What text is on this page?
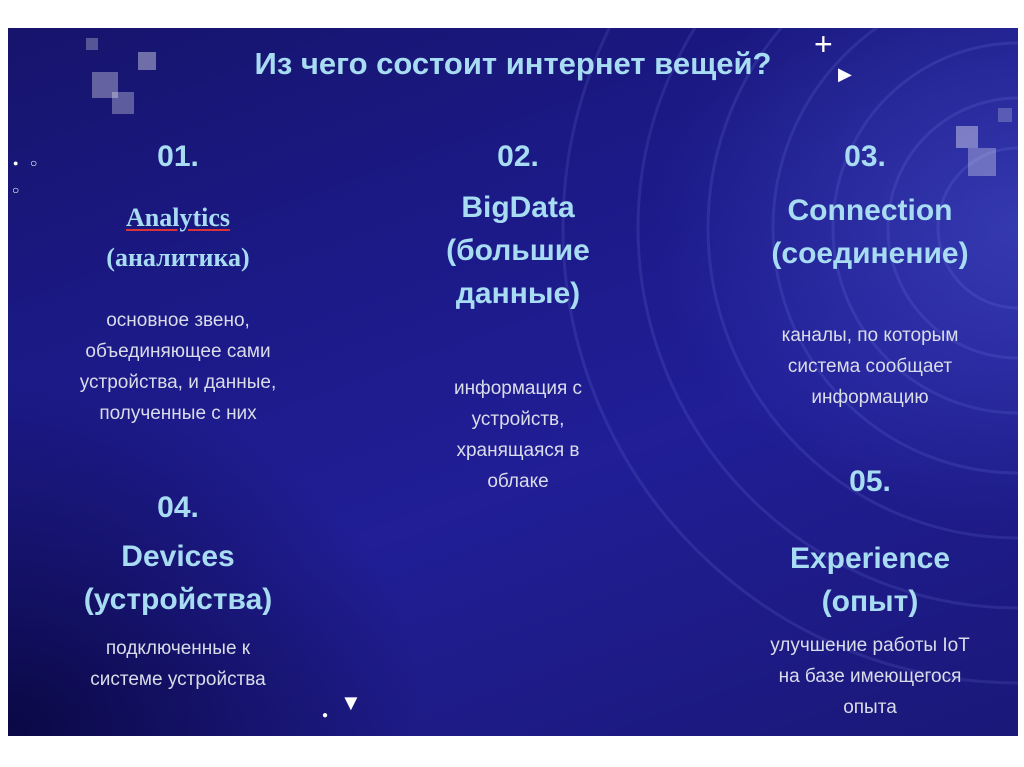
+
▶
● ○
○
▼
●
Из чего состоит интернет вещей?
01.
Analytics
(аналитика)
основное звено,
объединяющее сами
устройства, и данные,
полученные с них
02.
BigData
(большие
данные)
информация с
устройств,
хранящаяся в
облаке
03.
Connection
(соединение)
каналы, по которым
система сообщает
информацию
04.
Devices
(устройства)
подключенные к
системе устройства
05.
Experience
(опыт)
улучшение работы IoT
на базе имеющегося
опыта
